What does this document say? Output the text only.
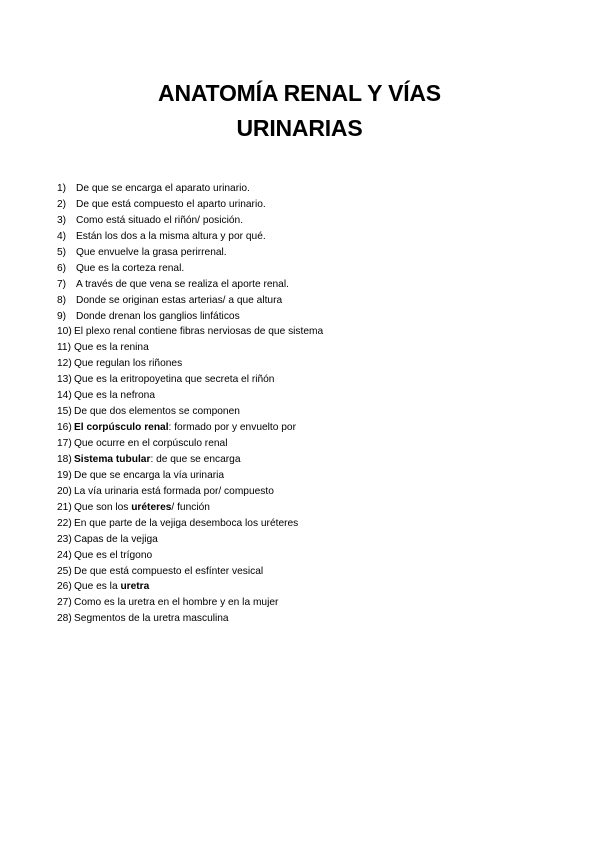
ANATOMÍA RENAL Y VÍAS
URINARIAS
1) De que se encarga el aparato urinario.
2) De que está compuesto el aparto urinario.
3) Como está situado el riñón/ posición.
4) Están los dos a la misma altura y por qué.
5) Que envuelve la grasa perirrenal.
6) Que es la corteza renal.
7) A través de que vena se realiza el aporte renal.
8) Donde se originan estas arterias/ a que altura
9) Donde drenan los ganglios linfáticos
10) El plexo renal contiene fibras nerviosas de que sistema
11) Que es la renina
12) Que regulan los riñones
13) Que es la eritropoyetina que secreta el riñón
14) Que es la nefrona
15) De que dos elementos se componen
16) El corpúsculo renal: formado por y envuelto por
17) Que ocurre en el corpúsculo renal
18) Sistema tubular: de que se encarga
19) De que se encarga la vía urinaria
20) La vía urinaria está formada por/ compuesto
21) Que son los uréteres/ función
22) En que parte de la vejiga desemboca los uréteres
23) Capas de la vejiga
24) Que es el trígono
25) De que está compuesto el esfínter vesical
26) Que es la uretra
27) Como es la uretra en el hombre y en la mujer
28) Segmentos de la uretra masculina
